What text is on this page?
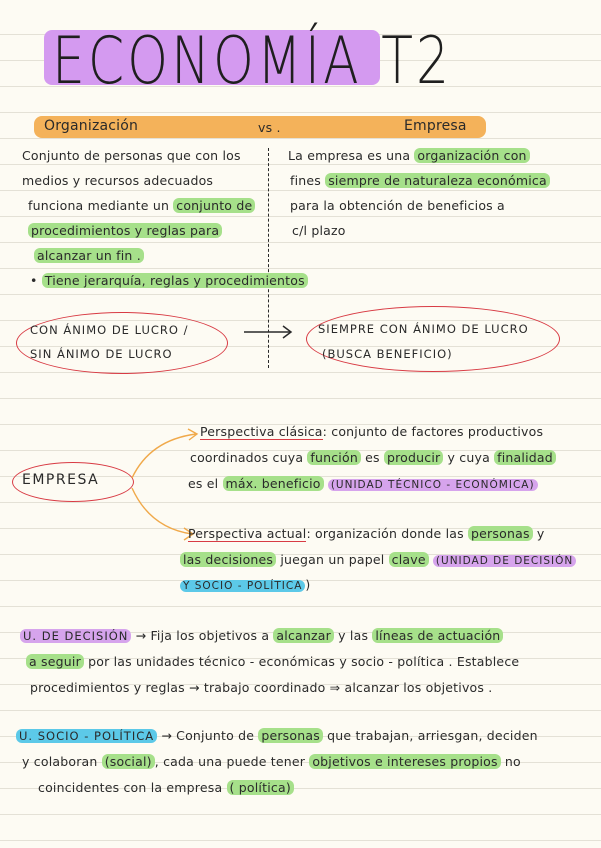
ECONOMÍA T2
Organización	vs .	Empresa
Conjunto de personas que con los
medios y recursos adecuados
funciona mediante un conjunto de
procedimientos y reglas para
alcanzar un fin .
• Tiene jerarquía, reglas y procedimientos
La empresa es una organización con
fines siempre de naturaleza económica
para la obtención de beneficios a
c/l plazo
CON ÁNIMO DE LUCRO /
SIN ÁNIMO DE LUCRO
SIEMPRE CON ÁNIMO DE LUCRO
(BUSCA BENEFICIO)
EMPRESA
Perspectiva clásica: conjunto de factores productivos
coordinados cuya función es producir y cuya finalidad
es el máx. beneficio (UNIDAD TÉCNICO - ECONÓMICA)
Perspectiva actual: organización donde las personas y
las decisiones juegan un papel clave (UNIDAD DE DECISIÓN
Y SOCIO - POLÍTICA )
U. DE DECISIÓN → Fija los objetivos a alcanzar y las líneas de actuación
a seguir por las unidades técnico - económicas y socio - política . Establece
procedimientos y reglas → trabajo coordinado ⇒ alcanzar los objetivos .
U. SOCIO - POLÍTICA → Conjunto de personas que trabajan, arriesgan, deciden
y colaboran (social) , cada una puede tener objetivos e intereses propios no
coincidentes con la empresa ( política)
